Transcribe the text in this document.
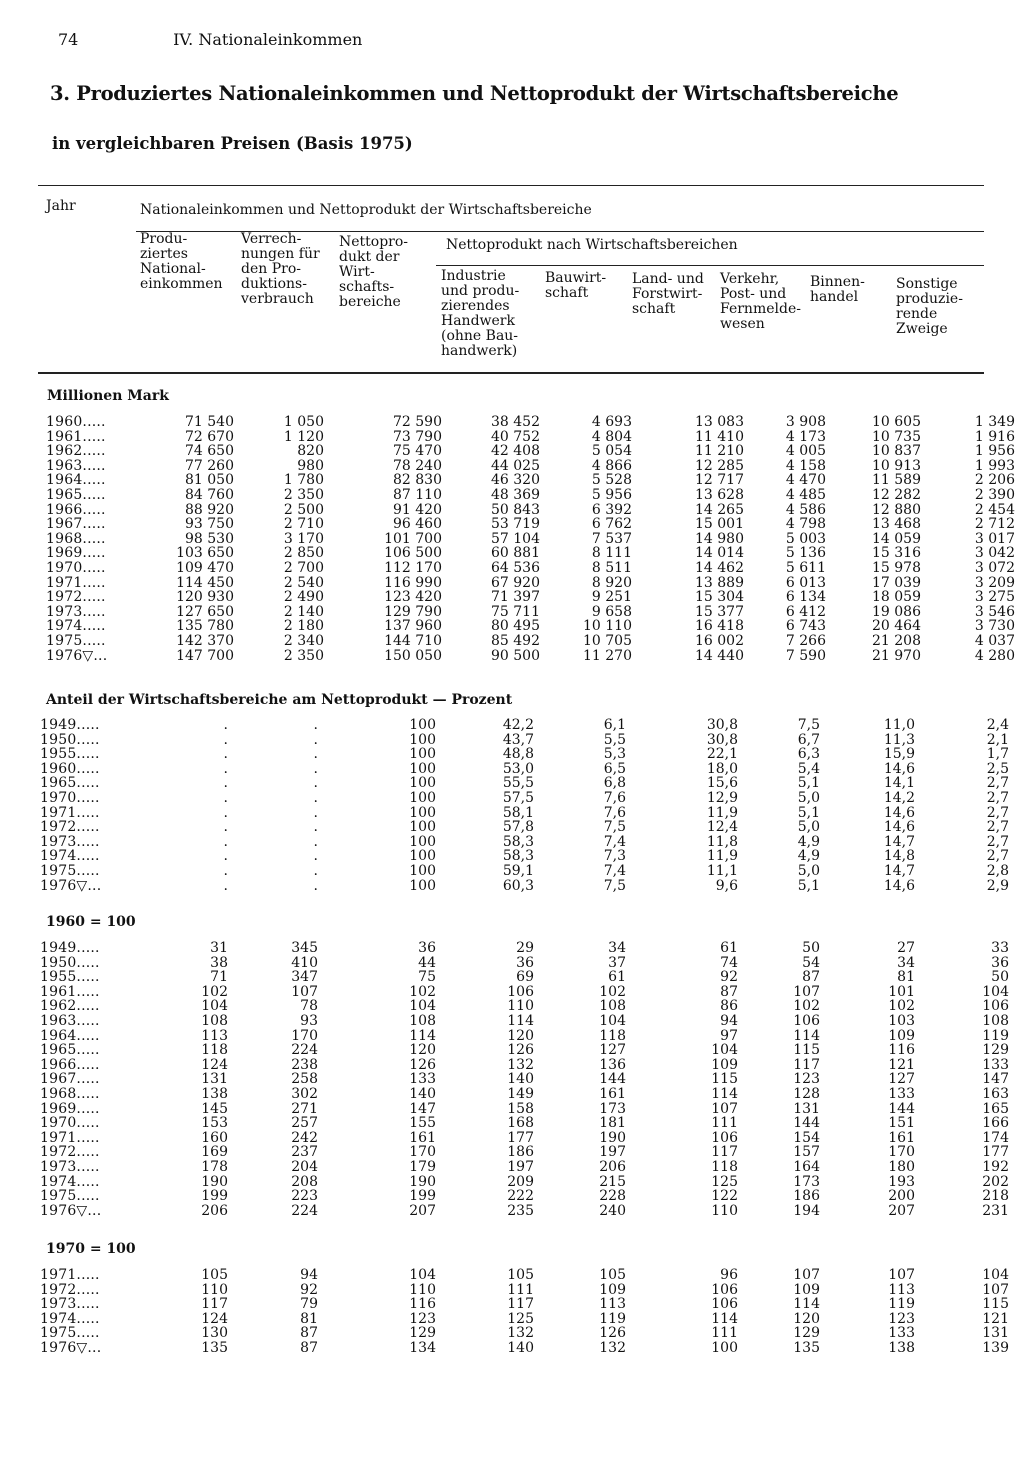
74	IV. Nationaleinkommen
3. Produziertes Nationaleinkommen und Nettoprodukt der Wirtschaftsbereiche
in vergleichbaren Preisen (Basis 1975)
Jahr	Nationaleinkommen und Nettoprodukt der Wirtschaftsbereiche
Nettoprodukt nach Wirtschaftsbereichen
Produ-
ziertes
National-
einkommen
Verrech-
nungen für
den Pro-
duktions-
verbrauch
Nettopro-
dukt der
Wirt-
schafts-
bereiche
Industrie
und produ-
zierendes
Handwerk
(ohne Bau-
handwerk)
Bauwirt-
schaft
Land- und
Forstwirt-
schaft
Verkehr,
Post- und
Fernmelde-
wesen
Binnen-
handel
Sonstige
produzie-
rende
Zweige
Millionen Mark
Anteil der Wirtschaftsbereiche am Nettoprodukt — Prozent
1960 = 100
1970 = 100
1960.....	71 540	1 050	72 590	38 452	4 693	13 083	3 908	10 605	1 349
1961.....	72 670	1 120	73 790	40 752	4 804	11 410	4 173	10 735	1 916
1962.....	74 650	820	75 470	42 408	5 054	11 210	4 005	10 837	1 956
1963.....	77 260	980	78 240	44 025	4 866	12 285	4 158	10 913	1 993
1964.....	81 050	1 780	82 830	46 320	5 528	12 717	4 470	11 589	2 206
1965.....	84 760	2 350	87 110	48 369	5 956	13 628	4 485	12 282	2 390
1966.....	88 920	2 500	91 420	50 843	6 392	14 265	4 586	12 880	2 454
1967.....	93 750	2 710	96 460	53 719	6 762	15 001	4 798	13 468	2 712
1968.....	98 530	3 170	101 700	57 104	7 537	14 980	5 003	14 059	3 017
1969.....	103 650	2 850	106 500	60 881	8 111	14 014	5 136	15 316	3 042
1970.....	109 470	2 700	112 170	64 536	8 511	14 462	5 611	15 978	3 072
1971.....	114 450	2 540	116 990	67 920	8 920	13 889	6 013	17 039	3 209
1972.....	120 930	2 490	123 420	71 397	9 251	15 304	6 134	18 059	3 275
1973.....	127 650	2 140	129 790	75 711	9 658	15 377	6 412	19 086	3 546
1974.....	135 780	2 180	137 960	80 495	10 110	16 418	6 743	20 464	3 730
1975.....	142 370	2 340	144 710	85 492	10 705	16 002	7 266	21 208	4 037
1976▽...	147 700	2 350	150 050	90 500	11 270	14 440	7 590	21 970	4 280
1949.....	.	.	100	42,2	6,1	30,8	7,5	11,0	2,4
1950.....	.	.	100	43,7	5,5	30,8	6,7	11,3	2,1
1955.....	.	.	100	48,8	5,3	22,1	6,3	15,9	1,7
1960.....	.	.	100	53,0	6,5	18,0	5,4	14,6	2,5
1965.....	.	.	100	55,5	6,8	15,6	5,1	14,1	2,7
1970.....	.	.	100	57,5	7,6	12,9	5,0	14,2	2,7
1971.....	.	.	100	58,1	7,6	11,9	5,1	14,6	2,7
1972.....	.	.	100	57,8	7,5	12,4	5,0	14,6	2,7
1973.....	.	.	100	58,3	7,4	11,8	4,9	14,7	2,7
1974.....	.	.	100	58,3	7,3	11,9	4,9	14,8	2,7
1975.....	.	.	100	59,1	7,4	11,1	5,0	14,7	2,8
1976▽...	.	.	100	60,3	7,5	9,6	5,1	14,6	2,9
1949.....	31	345	36	29	34	61	50	27	33
1950.....	38	410	44	36	37	74	54	34	36
1955.....	71	347	75	69	61	92	87	81	50
1961.....	102	107	102	106	102	87	107	101	104
1962.....	104	78	104	110	108	86	102	102	106
1963.....	108	93	108	114	104	94	106	103	108
1964.....	113	170	114	120	118	97	114	109	119
1965.....	118	224	120	126	127	104	115	116	129
1966.....	124	238	126	132	136	109	117	121	133
1967.....	131	258	133	140	144	115	123	127	147
1968.....	138	302	140	149	161	114	128	133	163
1969.....	145	271	147	158	173	107	131	144	165
1970.....	153	257	155	168	181	111	144	151	166
1971.....	160	242	161	177	190	106	154	161	174
1972.....	169	237	170	186	197	117	157	170	177
1973.....	178	204	179	197	206	118	164	180	192
1974.....	190	208	190	209	215	125	173	193	202
1975.....	199	223	199	222	228	122	186	200	218
1976▽...	206	224	207	235	240	110	194	207	231
1971.....	105	94	104	105	105	96	107	107	104
1972.....	110	92	110	111	109	106	109	113	107
1973.....	117	79	116	117	113	106	114	119	115
1974.....	124	81	123	125	119	114	120	123	121
1975.....	130	87	129	132	126	111	129	133	131
1976▽...	135	87	134	140	132	100	135	138	139
